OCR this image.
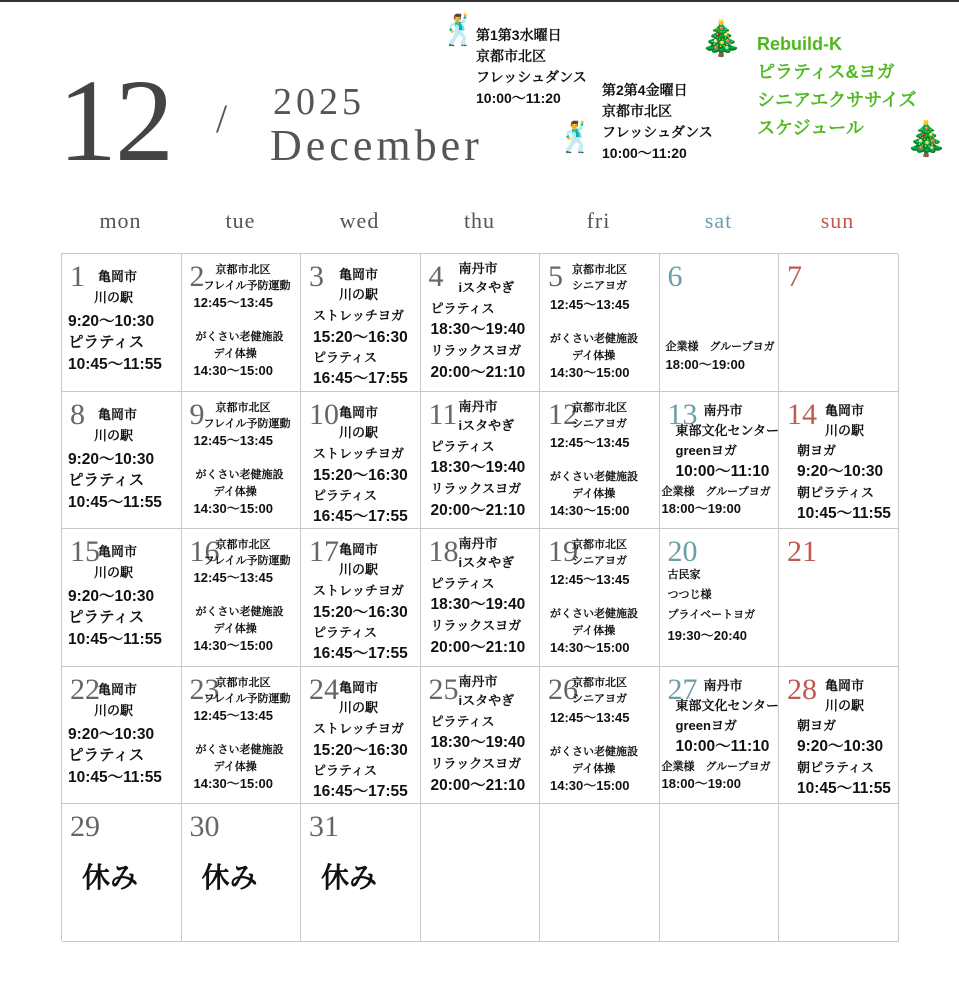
12 / 2025
December
🕺
第1第3水曜日
京都市北区
フレッシュダンス
10:00〜11:20
🕺
第2第4金曜日
京都市北区
フレッシュダンス
10:00〜11:20
🎄 Rebuild-K
ピラティス&ヨガ
シニアエクササイズ
スケジュール	🎄
mon	tue	wed	thu	fri	sat	sun
1 亀岡市
川の駅
9:20〜10:30
ピラティス
10:45〜11:55
2 京都市北区
フレイル予防運動
12:45〜13:45
がくさい老健施設
デイ体操
14:30〜15:00
3 亀岡市
川の駅
ストレッチヨガ
15:20〜16:30
ピラティス
16:45〜17:55
4 南丹市
iスタやぎ
ピラティス
18:30〜19:40
リラックスヨガ
20:00〜21:10
5 京都市北区
シニアヨガ
12:45〜13:45
がくさい老健施設
デイ体操
14:30〜15:00
6
企業様　グループヨガ
18:00〜19:00
7
8 亀岡市
川の駅
9:20〜10:30
ピラティス
10:45〜11:55
9 京都市北区
フレイル予防運動
12:45〜13:45
がくさい老健施設
デイ体操
14:30〜15:00
10 亀岡市
川の駅
ストレッチヨガ
15:20〜16:30
ピラティス
16:45〜17:55
11 南丹市
iスタやぎ
ピラティス
18:30〜19:40
リラックスヨガ
20:00〜21:10
12
京都市北区
シニアヨガ
12:45〜13:45
がくさい老健施設
デイ体操
14:30〜15:00
13 南丹市
東部文化センター
greenヨガ
10:00〜11:10
企業様　グループヨガ
18:00〜19:00
14 亀岡市
川の駅
朝ヨガ
9:20〜10:30
朝ピラティス
10:45〜11:55
15
亀岡市
川の駅
9:20〜10:30
ピラティス
10:45〜11:55
16
京都市北区
フレイル予防運動
12:45〜13:45
がくさい老健施設
デイ体操
14:30〜15:00
17 亀岡市
川の駅
ストレッチヨガ
15:20〜16:30
ピラティス
16:45〜17:55
18 南丹市
iスタやぎ
ピラティス
18:30〜19:40
リラックスヨガ
20:00〜21:10
19
京都市北区
シニアヨガ
12:45〜13:45
がくさい老健施設
デイ体操
14:30〜15:00
20
古民家
つつじ様
プライベートヨガ
19:30〜20:40
21
22
亀岡市
川の駅
9:20〜10:30
ピラティス
10:45〜11:55
23
京都市北区
フレイル予防運動
12:45〜13:45
がくさい老健施設
デイ体操
14:30〜15:00
24 亀岡市
川の駅
ストレッチヨガ
15:20〜16:30
ピラティス
16:45〜17:55
25 南丹市
iスタやぎ
ピラティス
18:30〜19:40
リラックスヨガ
20:00〜21:10
26
京都市北区
シニアヨガ
12:45〜13:45
がくさい老健施設
デイ体操
14:30〜15:00
27 南丹市
東部文化センター
greenヨガ
10:00〜11:10
企業様　グループヨガ
18:00〜19:00
28 亀岡市
川の駅
朝ヨガ
9:20〜10:30
朝ピラティス
10:45〜11:55
29
休み
30
休み
31
休み
